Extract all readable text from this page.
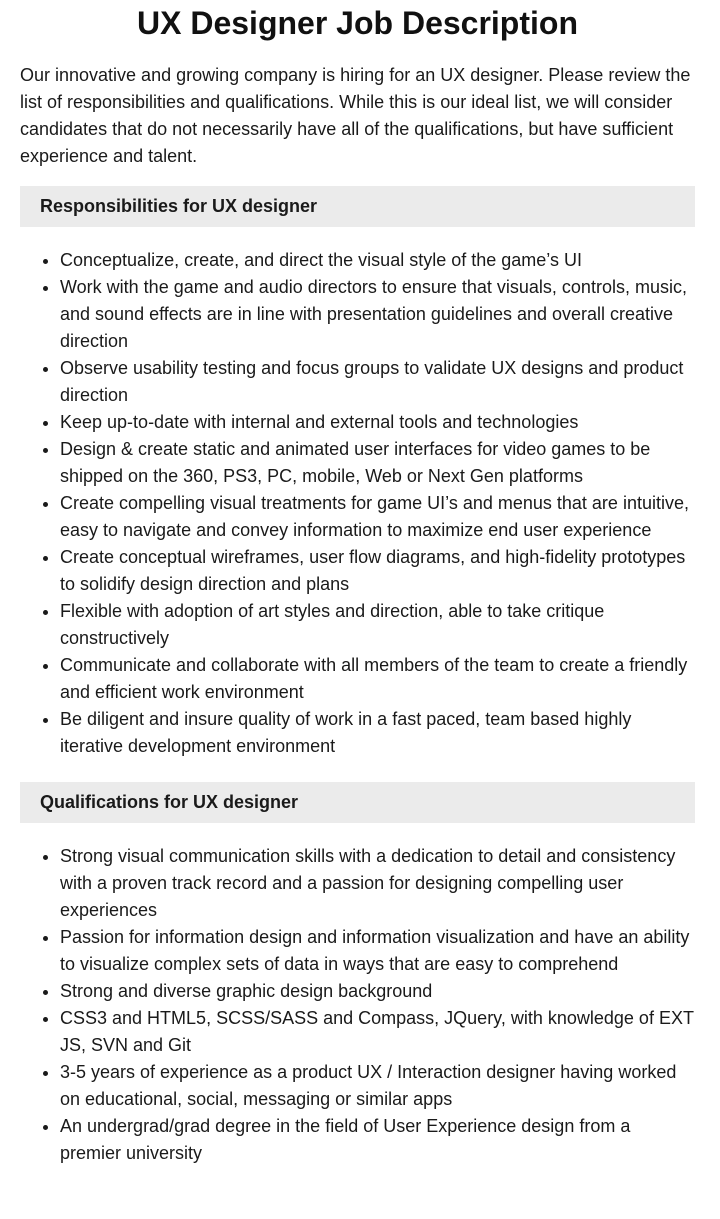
UX Designer Job Description

Our innovative and growing company is hiring for an UX designer. Please review the list of responsibilities and qualifications. While this is our ideal list, we will consider candidates that do not necessarily have all of the qualifications, but have sufficient experience and talent.

Responsibilities for UX designer
• Conceptualize, create, and direct the visual style of the game’s UI
• Work with the game and audio directors to ensure that visuals, controls, music, and sound effects are in line with presentation guidelines and overall creative direction
• Observe usability testing and focus groups to validate UX designs and product direction
• Keep up-to-date with internal and external tools and technologies
• Design & create static and animated user interfaces for video games to be shipped on the 360, PS3, PC, mobile, Web or Next Gen platforms
• Create compelling visual treatments for game UI’s and menus that are intuitive, easy to navigate and convey information to maximize end user experience
• Create conceptual wireframes, user flow diagrams, and high-fidelity prototypes to solidify design direction and plans
• Flexible with adoption of art styles and direction, able to take critique constructively
• Communicate and collaborate with all members of the team to create a friendly and efficient work environment
• Be diligent and insure quality of work in a fast paced, team based highly iterative development environment
Qualifications for UX designer
• Strong visual communication skills with a dedication to detail and consistency with a proven track record and a passion for designing compelling user experiences
• Passion for information design and information visualization and have an ability to visualize complex sets of data in ways that are easy to comprehend
• Strong and diverse graphic design background
• CSS3 and HTML5, SCSS/SASS and Compass, JQuery, with knowledge of EXT JS, SVN and Git
• 3-5 years of experience as a product UX / Interaction designer having worked on educational, social, messaging or similar apps
• An undergrad/grad degree in the field of User Experience design from a premier university
